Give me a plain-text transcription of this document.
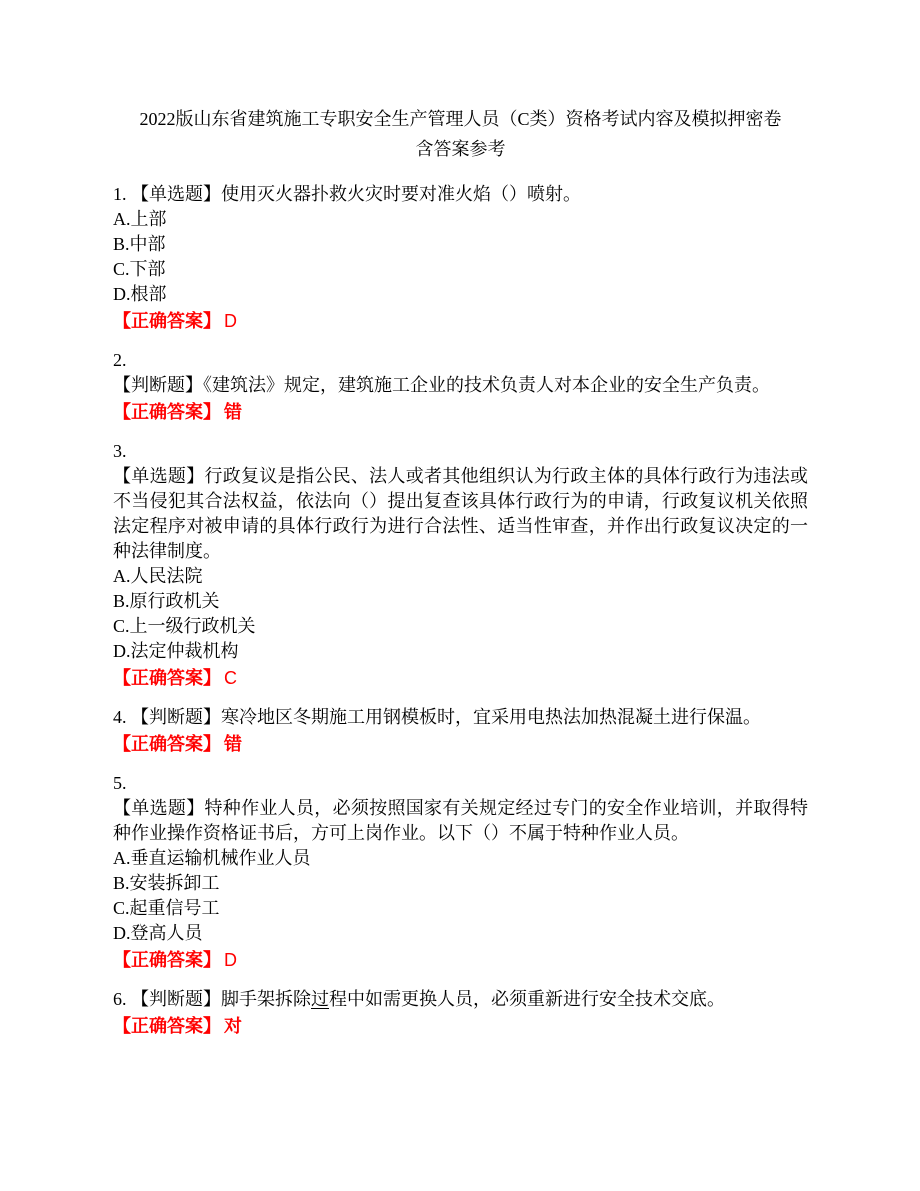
2022版山东省建筑施工专职安全生产管理人员（C类）资格考试内容及模拟押密卷
含答案参考

1. 【单选题】使用灭火器扑救火灾时要对准火焰（）喷射。

A.上部

B.中部

C.下部

D.根部

【正确答案】 D

2.

【判断题】《建筑法》规定，建筑施工企业的技术负责人对本企业的安全生产负责。

【正确答案】 错

3.

【单选题】行政复议是指公民、法人或者其他组织认为行政主体的具体行政行为违法或不当侵犯其合法权益，依法向（）提出复查该具体行政行为的申请，行政复议机关依照法定程序对被申请的具体行政行为进行合法性、适当性审查，并作出行政复议决定的一种法律制度。

A.人民法院

B.原行政机关

C.上一级行政机关

D.法定仲裁机构

【正确答案】 C

4. 【判断题】寒冷地区冬期施工用钢模板时，宜采用电热法加热混凝土进行保温。

【正确答案】 错

5.

【单选题】特种作业人员，必须按照国家有关规定经过专门的安全作业培训，并取得特种作业操作资格证书后，方可上岗作业。以下（）不属于特种作业人员。

A.垂直运输机械作业人员

B.安装拆卸工

C.起重信号工

D.登高人员

【正确答案】 D

6. 【判断题】脚手架拆除过程中如需更换人员，必须重新进行安全技术交底。

【正确答案】 对
